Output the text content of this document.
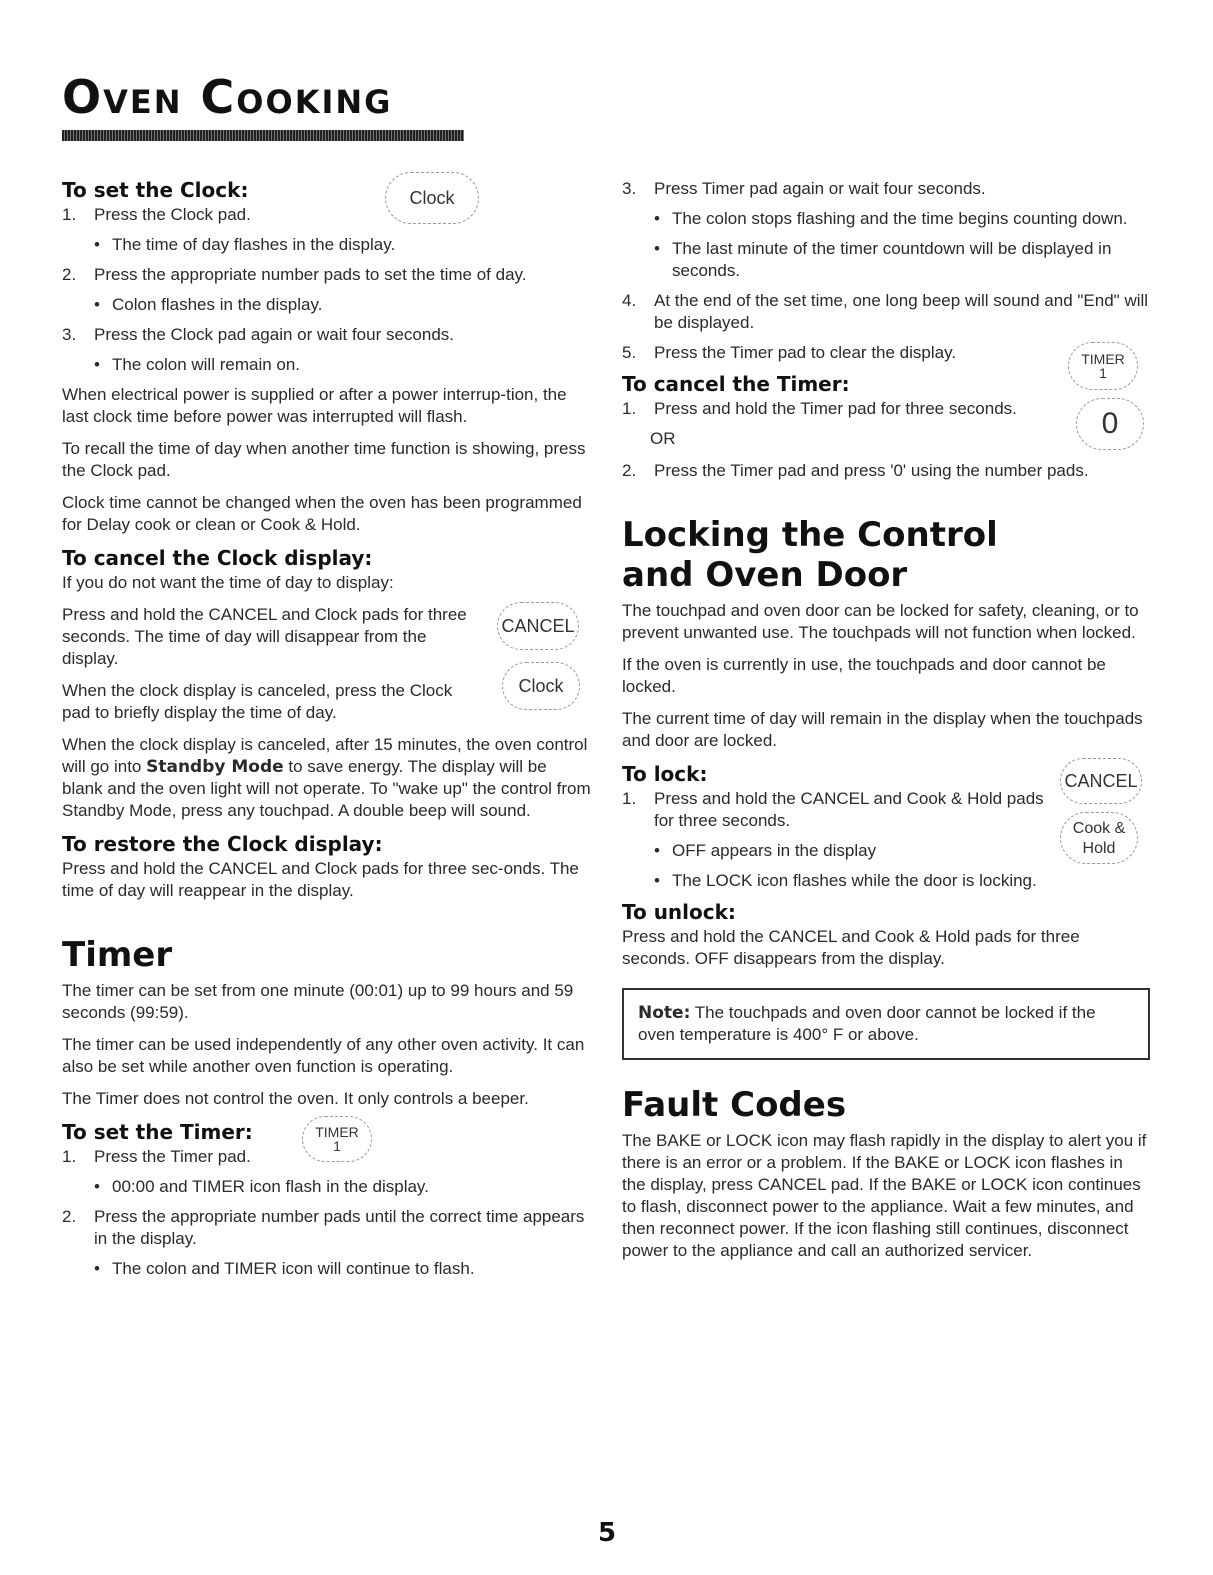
Oven Cooking
To set the Clock:	Clock
1. Press the Clock pad.
• The time of day flashes in the display.
2. Press the appropriate number pads to set the time of day.
• Colon flashes in the display.
3. Press the Clock pad again or wait four seconds.
• The colon will remain on.

When electrical power is supplied or after a power interrup-tion, the last clock time before power was interrupted will flash.

To recall the time of day when another time function is showing, press the Clock pad.

Clock time cannot be changed when the oven has been programmed for Delay cook or clean or Cook & Hold.

To cancel the Clock display:

If you do not want the time of day to display:

Press and hold the CANCEL and Clock pads for three seconds. The time of day will disappear from the display.

When the clock display is canceled, press the Clock pad to briefly display the time of day.

CANCEL
Clock

When the clock display is canceled, after 15 minutes, the oven control will go into Standby Mode to save energy. The display will be blank and the oven light will not operate. To "wake up" the control from Standby Mode, press any touchpad. A double beep will sound.

To restore the Clock display:

Press and hold the CANCEL and Clock pads for three sec-onds. The time of day will reappear in the display.

Timer

The timer can be set from one minute (00:01) up to 99 hours and 59 seconds (99:59).

The timer can be used independently of any other oven activity. It can also be set while another oven function is operating.

The Timer does not control the oven. It only controls a beeper.

To set the Timer:	TIMER
1
1. Press the Timer pad.
• 00:00 and TIMER icon flash in the display.
2. Press the appropriate number pads until the correct time appears in the display.
• The colon and TIMER icon will continue to flash.
3. Press Timer pad again or wait four seconds.
• The colon stops flashing and the time begins counting down.
• The last minute of the timer countdown will be displayed in seconds.
4. At the end of the set time, one long beep will sound and "End" will be displayed.
5. Press the Timer pad to clear the display.
To cancel the Timer:
TIMER
1
0
1. Press and hold the Timer pad for three seconds.
OR
2. Press the Timer pad and press '0' using the number pads.
Locking the Control
and Oven Door

The touchpad and oven door can be locked for safety, cleaning, or to prevent unwanted use. The touchpads will not function when locked.

If the oven is currently in use, the touchpads and door cannot be locked.

The current time of day will remain in the display when the touchpads and door are locked.

To lock:	CANCEL
Cook &
Hold
1. Press and hold the CANCEL and Cook & Hold pads for three seconds.
• OFF appears in the display
• The LOCK icon flashes while the door is locking.
To unlock:

Press and hold the CANCEL and Cook & Hold pads for three seconds. OFF disappears from the display.

Note: The touchpads and oven door cannot be locked if the oven temperature is 400° F or above.

Fault Codes

The BAKE or LOCK icon may flash rapidly in the display to alert you if there is an error or a problem. If the BAKE or LOCK icon flashes in the display, press CANCEL pad. If the BAKE or LOCK icon continues to flash, disconnect power to the appliance. Wait a few minutes, and then reconnect power. If the icon flashing still continues, disconnect power to the appliance and call an authorized servicer.

5
